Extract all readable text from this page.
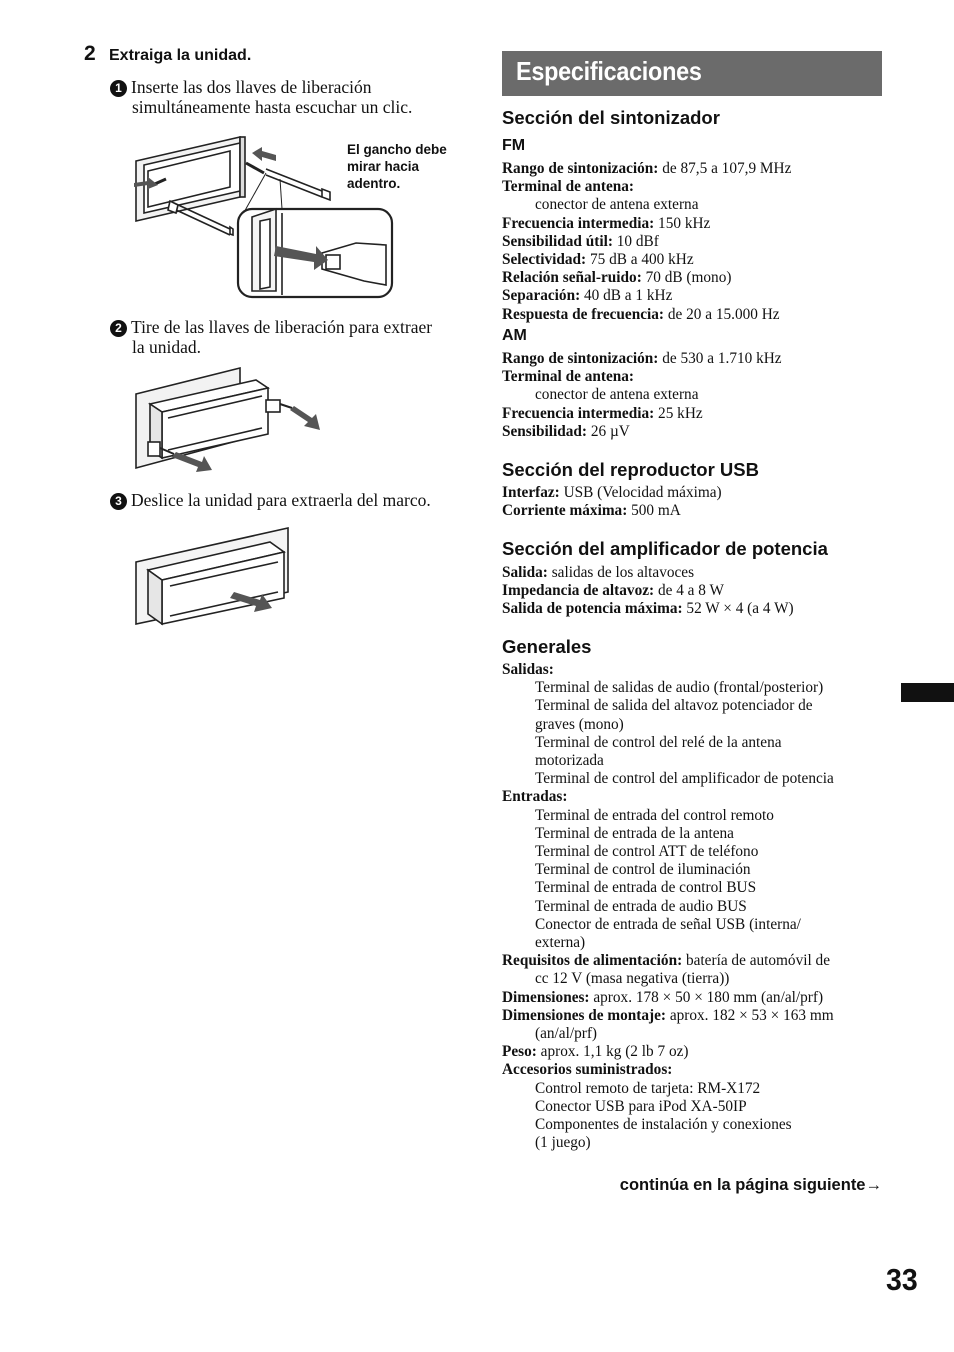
2 Extraiga la unidad.
1 Inserte las dos llaves de liberación
simultáneamente hasta escuchar un clic.
El gancho debe
mirar hacia
adentro.
2 Tire de las llaves de liberación para extraer
la unidad.
3 Deslice la unidad para extraerla del marco.
Especificaciones
Sección del sintonizador
FM
Rango de sintonización: de 87,5 a 107,9 MHz
Terminal de antena:
conector de antena externa
Frecuencia intermedia: 150 kHz
Sensibilidad útil: 10 dBf
Selectividad: 75 dB a 400 kHz
Relación señal-ruido: 70 dB (mono)
Separación: 40 dB a 1 kHz
Respuesta de frecuencia: de 20 a 15.000 Hz
AM
Rango de sintonización: de 530 a 1.710 kHz
Terminal de antena:
conector de antena externa
Frecuencia intermedia: 25 kHz
Sensibilidad: 26 µV
Sección del reproductor USB
Interfaz: USB (Velocidad máxima)
Corriente máxima: 500 mA
Sección del amplificador de potencia
Salida: salidas de los altavoces
Impedancia de altavoz: de 4 a 8 W
Salida de potencia máxima: 52 W × 4 (a 4 W)
Generales
Salidas:
Terminal de salidas de audio (frontal/posterior)
Terminal de salida del altavoz potenciador de
graves (mono)
Terminal de control del relé de la antena
motorizada
Terminal de control del amplificador de potencia
Entradas:
Terminal de entrada del control remoto
Terminal de entrada de la antena
Terminal de control ATT de teléfono
Terminal de control de iluminación
Terminal de entrada de control BUS
Terminal de entrada de audio BUS
Conector de entrada de señal USB (interna/
externa)
Requisitos de alimentación: batería de automóvil de
cc 12 V (masa negativa (tierra))
Dimensiones: aprox. 178 × 50 × 180 mm (an/al/prf)
Dimensiones de montaje: aprox. 182 × 53 × 163 mm
(an/al/prf)
Peso: aprox. 1,1 kg (2 lb 7 oz)
Accesorios suministrados:
Control remoto de tarjeta: RM-X172
Conector USB para iPod XA-50IP
Componentes de instalación y conexiones
(1 juego)
continúa en la página siguiente→
33
